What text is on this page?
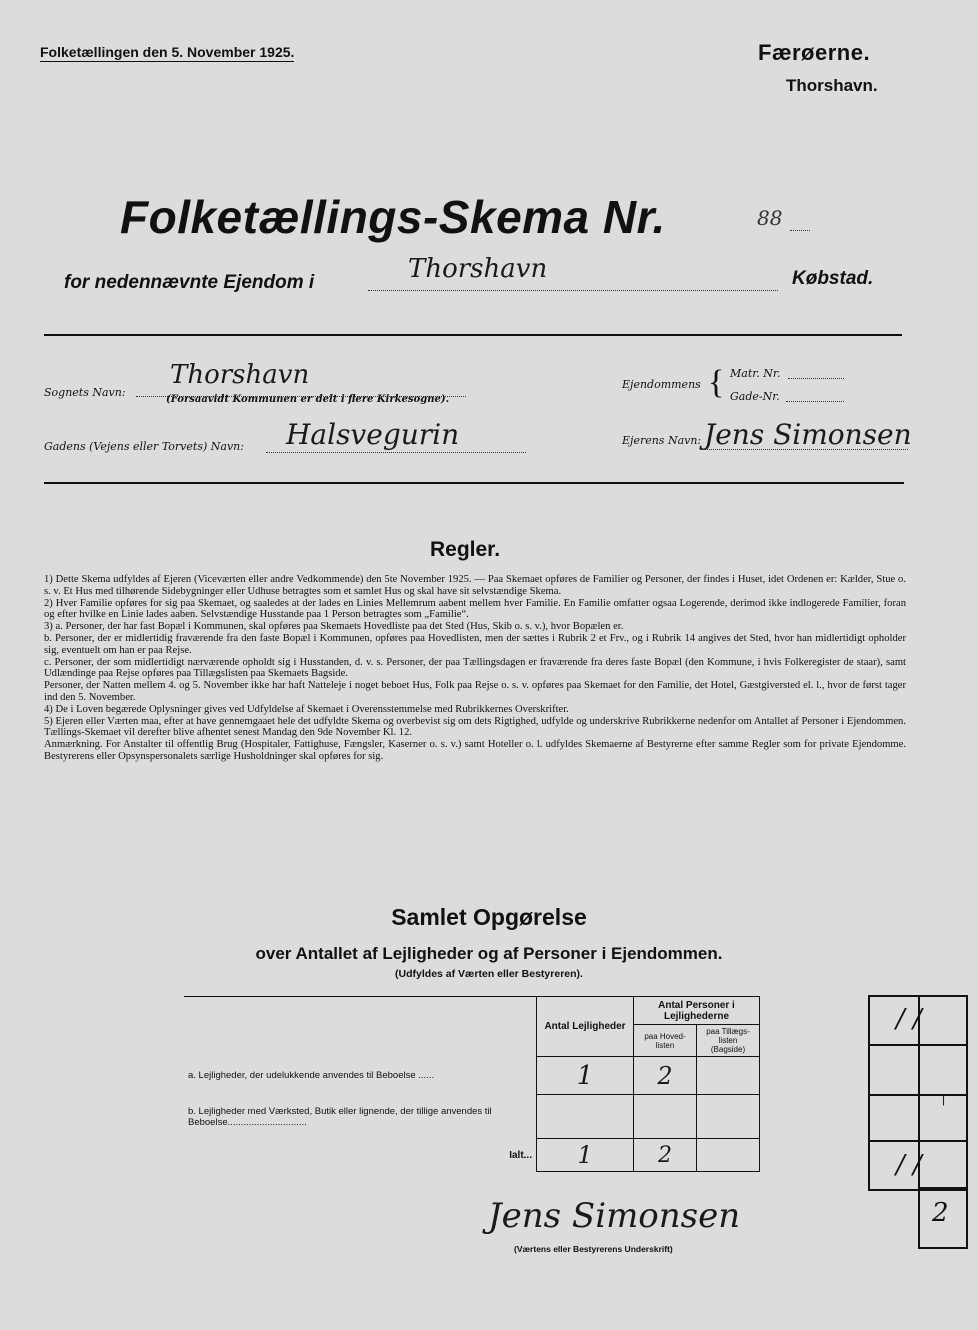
Folketællingen den 5. November 1925.	Færøerne.
Thorshavn.
Folketællings-Skema Nr.	88
for nedennævnte Ejendom i	Thorshavn	Købstad.
Sognets Navn:
Thorshavn
(Forsaavidt Kommunen er delt i flere Kirkesogne).
Ejendommens { Matr. Nr.
Gade-Nr.
Gadens (Vejens eller Torvets) Navn: Halsvegurin	Ejerens Navn: Jens Simonsen
Regler.

1) Dette Skema udfyldes af Ejeren (Viceværten eller andre Vedkommende) den 5te November 1925. — Paa Skemaet opføres de Familier og Personer, der findes i Huset, idet Ordenen er: Kælder, Stue o. s. v. Et Hus med tilhørende Sidebygninger eller Udhuse betragtes som et samlet Hus og skal have sit selvstændige Skema.

2) Hver Familie opføres for sig paa Skemaet, og saaledes at der lades en Linies Mellemrum aabent mellem hver Familie. En Familie omfatter ogsaa Logerende, derimod ikke indlogerede Familier, foran og efter hvilke en Linie lades aaben. Selvstændige Husstande paa 1 Person betragtes som „Familie“.

3) a. Personer, der har fast Bopæl i Kommunen, skal opføres paa Skemaets Hovedliste paa det Sted (Hus, Skib o. s. v.), hvor Bopælen er.

b. Personer, der er midlertidig fraværende fra den faste Bopæl i Kommunen, opføres paa Hovedlisten, men der sættes i Rubrik 2 et Frv., og i Rubrik 14 angives det Sted, hvor han midlertidigt opholder sig, eventuelt om han er paa Rejse.

c. Personer, der som midlertidigt nærværende opholdt sig i Husstanden, d. v. s. Personer, der paa Tællingsdagen er fraværende fra deres faste Bopæl (den Kommune, i hvis Folkeregister de staar), samt Udlændinge paa Rejse opføres paa Tillægslisten paa Skemaets Bagside.

Personer, der Natten mellem 4. og 5. November ikke har haft Natteleje i noget beboet Hus, Folk paa Rejse o. s. v. opføres paa Skemaet for den Familie, det Hotel, Gæstgiversted el. l., hvor de først tager ind den 5. November.

4) De i Loven begærede Oplysninger gives ved Udfyldelse af Skemaet i Overensstemmelse med Rubrikkernes Overskrifter.

5) Ejeren eller Værten maa, efter at have gennemgaaet hele det udfyldte Skema og overbevist sig om dets Rigtighed, udfylde og underskrive Rubrikkerne nedenfor om Antallet af Personer i Ejendommen. Tællings-Skemaet vil derefter blive afhentet senest Mandag den 9de November Kl. 12.

Anmærkning. For Anstalter til offentlig Brug (Hospitaler, Fattighuse, Fængsler, Kaserner o. s. v.) samt Hoteller o. l. udfyldes Skemaerne af Bestyrerne efter samme Regler som for private Ejendomme. Bestyrerens eller Opsynspersonalets særlige Husholdninger skal opføres for sig.

Samlet Opgørelse
over Antallet af Lejligheder og af Personer i Ejendommen.
(Udfyldes af Værten eller Bestyreren).
	Antal Lejligheder	Antal Personer i Lejlighederne	
		paa Hoved-listen	paa Tillægs-listen (Bagside)
a. Lejligheder, der udelukkende anvendes til Beboelse ......	1	2	
b. Lejligheder med Værksted, Butik eller lignende, der tillige anvendes til Beboelse..............................			
Ialt...	1	2	
Jens Simonsen
(Værtens eller Bestyrerens Underskrift)
/ /
|
/ /
2
